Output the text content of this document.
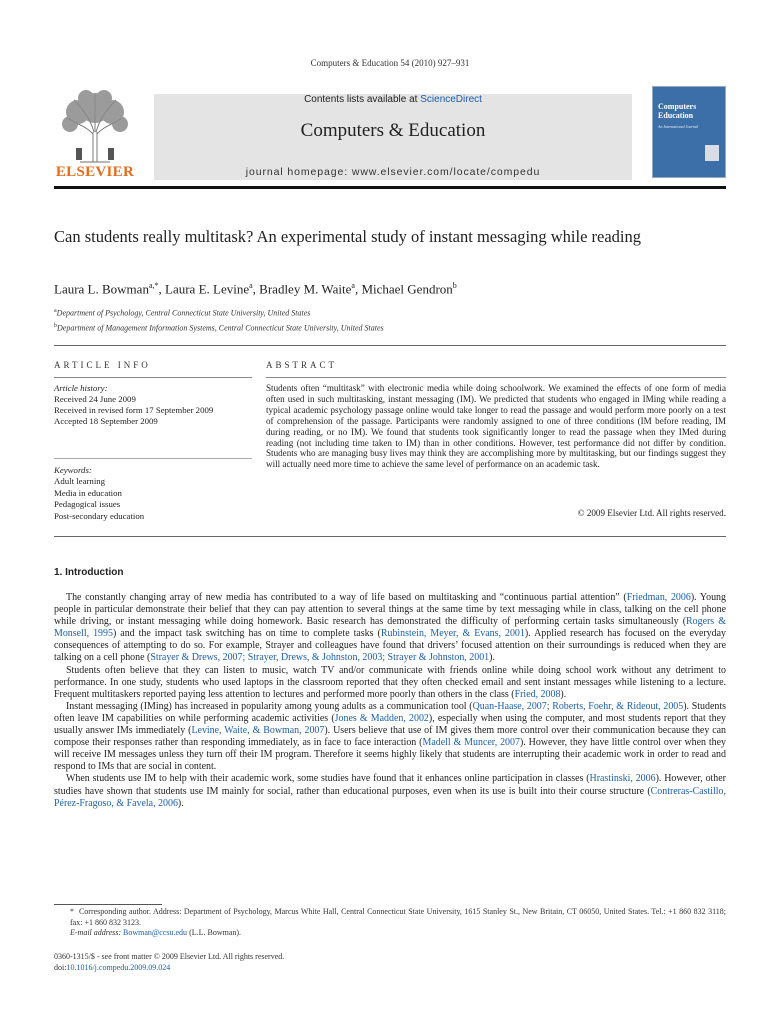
Computers & Education 54 (2010) 927–931
ELSEVIER
Contents lists available at ScienceDirect
Computers & Education
journal homepage: www.elsevier.com/locate/compedu
Computers
Education
An International Journal
Can students really multitask? An experimental study of instant messaging while reading
Laura L. Bowman$^{a,*}$, Laura E. Levine$^a$, Bradley M. Waite$^a$, Michael Gendron$^b$
$^a$Department of Psychology, Central Connecticut State University, United States
$^b$Department of Management Information Systems, Central Connecticut State University, United States
ARTICLE INFO	ABSTRACT
Article history:
Received 24 June 2009
Received in revised form 17 September 2009
Accepted 18 September 2009
Keywords:
Adult learning
Media in education
Pedagogical issues
Post-secondary education
Students often “multitask” with electronic media while doing schoolwork. We examined the effects of one form of media often used in such multitasking, instant messaging (IM). We predicted that students who engaged in IMing while reading a typical academic psychology passage online would take longer to read the passage and would perform more poorly on a test of comprehension of the passage. Participants were randomly assigned to one of three conditions (IM before reading, IM during reading, or no IM). We found that students took significantly longer to read the passage when they IMed during reading (not including time taken to IM) than in other conditions. However, test performance did not differ by condition. Students who are managing busy lives may think they are accomplishing more by multitasking, but our findings suggest they will actually need more time to achieve the same level of performance on an academic task.
© 2009 Elsevier Ltd. All rights reserved.
1. Introduction

The constantly changing array of new media has contributed to a way of life based on multitasking and “continuous partial attention” (Friedman, 2006). Young people in particular demonstrate their belief that they can pay attention to several things at the same time by text messaging while in class, talking on the cell phone while driving, or instant messaging while doing homework. Basic research has demonstrated the difficulty of performing certain tasks simultaneously (Rogers & Monsell, 1995) and the impact task switching has on time to complete tasks (Rubinstein, Meyer, & Evans, 2001). Applied research has focused on the everyday consequences of attempting to do so. For example, Strayer and colleagues have found that drivers’ focused attention on their surroundings is reduced when they are talking on a cell phone (Strayer & Drews, 2007; Strayer, Drews, & Johnston, 2003; Strayer & Johnston, 2001).

Students often believe that they can listen to music, watch TV and/or communicate with friends online while doing school work without any detriment to performance. In one study, students who used laptops in the classroom reported that they often checked email and sent instant messages while listening to a lecture. Frequent multitaskers reported paying less attention to lectures and performed more poorly than others in the class (Fried, 2008).

Instant messaging (IMing) has increased in popularity among young adults as a communication tool (Quan-Haase, 2007; Roberts, Foehr, & Rideout, 2005). Students often leave IM capabilities on while performing academic activities (Jones & Madden, 2002), especially when using the computer, and most students report that they usually answer IMs immediately (Levine, Waite, & Bowman, 2007). Users believe that use of IM gives them more control over their communication because they can compose their responses rather than responding immediately, as in face to face interaction (Madell & Muncer, 2007). However, they have little control over when they will receive IM messages unless they turn off their IM program. Therefore it seems highly likely that students are interrupting their academic work in order to read and respond to IMs that are social in content.

When students use IM to help with their academic work, some studies have found that it enhances online participation in classes (Hrastinski, 2006). However, other studies have shown that students use IM mainly for social, rather than educational purposes, even when its use is built into their course structure (Contreras-Castillo, Pérez-Fragoso, & Favela, 2006).

* Corresponding author. Address: Department of Psychology, Marcus White Hall, Central Connecticut State University, 1615 Stanley St., New Britain, CT 06050, United States. Tel.: +1 860 832 3118; fax: +1 860 832 3123.
E-mail address: Bowman@ccsu.edu (L.L. Bowman).
0360-1315/$ - see front matter © 2009 Elsevier Ltd. All rights reserved.
doi:10.1016/j.compedu.2009.09.024
